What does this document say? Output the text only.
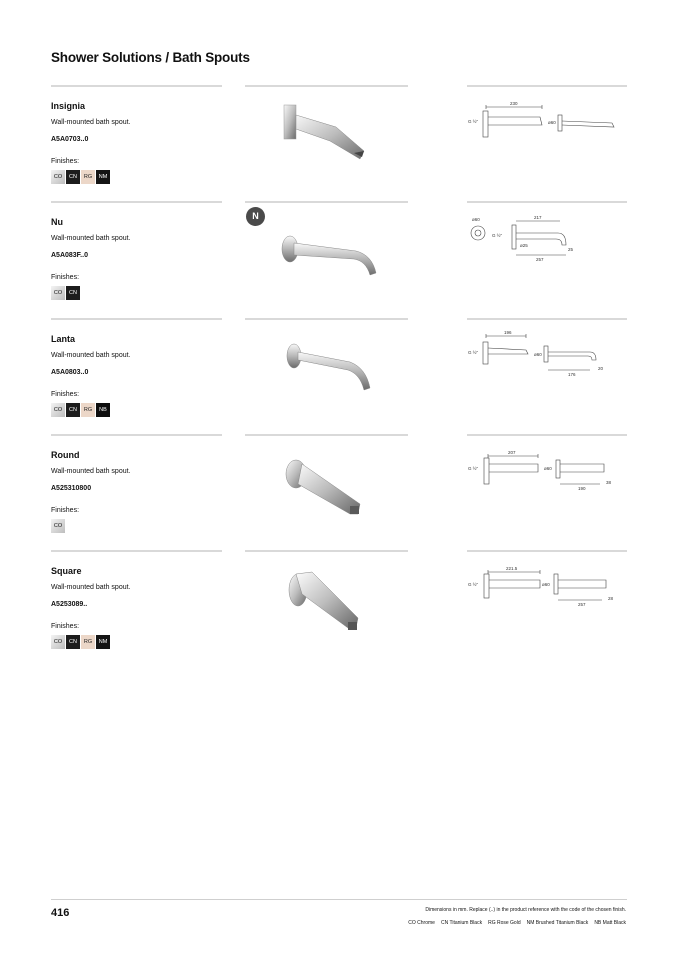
Shower Solutions / Bath Spouts
Insignia
Wall-mounted bath spout.
A5A0703..0
Finishes:
CO	CN	RG	NM
230
G ½"	ø60
Nu
Wall-mounted bath spout.
A5A083F..0
Finishes:
CO	CN
N	217
ø60
G ½"
257
ø25
25
Lanta
Wall-mounted bath spout.
A5A0803..0
Finishes:
CO	CN	RG	NB
196
G ½"	ø60
176
20
Round
Wall-mounted bath spout.
A525310800
Finishes:
CO
207
G ½"	ø60
190
38
Square
Wall-mounted bath spout.
A5253089..
Finishes:
CO	CN	RG	NM
221.5
G ½"	ø60
257
28
416	Dimensions in mm. Replace (..) in the product reference with the code of the chosen finish.
CO Chrome CN Titanium Black RG Rose Gold NM Brushed Titanium Black NB Matt Black
